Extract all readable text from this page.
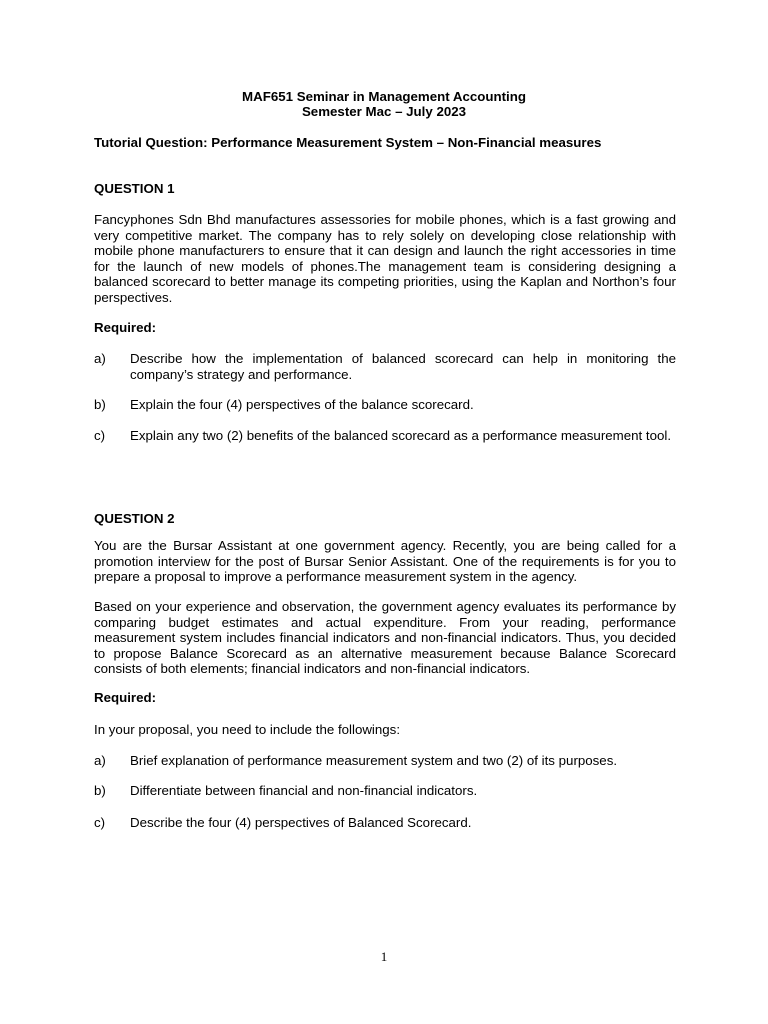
MAF651 Seminar in Management Accounting
Semester Mac – July 2023
Tutorial Question: Performance Measurement System – Non-Financial measures
QUESTION 1
Fancyphones Sdn Bhd manufactures assessories for mobile phones, which is a fast growing and very competitive market. The company has to rely solely on developing close relationship with mobile phone manufacturers to ensure that it can design and launch the right accessories in time for the launch of new models of phones.The management team is considering designing a balanced scorecard to better manage its competing priorities, using the Kaplan and Northon’s four perspectives.
Required:
a)	Describe how the implementation of balanced scorecard can help in monitoring the company’s strategy and performance.
b)	Explain the four (4) perspectives of the balance scorecard.
c)	Explain any two (2) benefits of the balanced scorecard as a performance measurement tool.
QUESTION 2
You are the Bursar Assistant at one government agency. Recently, you are being called for a promotion interview for the post of Bursar Senior Assistant. One of the requirements is for you to prepare a proposal to improve a performance measurement system in the agency.
Based on your experience and observation, the government agency evaluates its performance by comparing budget estimates and actual expenditure. From your reading, performance measurement system includes financial indicators and non-financial indicators. Thus, you decided to propose Balance Scorecard as an alternative measurement because Balance Scorecard consists of both elements; financial indicators and non-financial indicators.
Required:
In your proposal, you need to include the followings:
a)	Brief explanation of performance measurement system and two (2) of its purposes.
b)	Differentiate between financial and non-financial indicators.
c)	Describe the four (4) perspectives of Balanced Scorecard.
1
